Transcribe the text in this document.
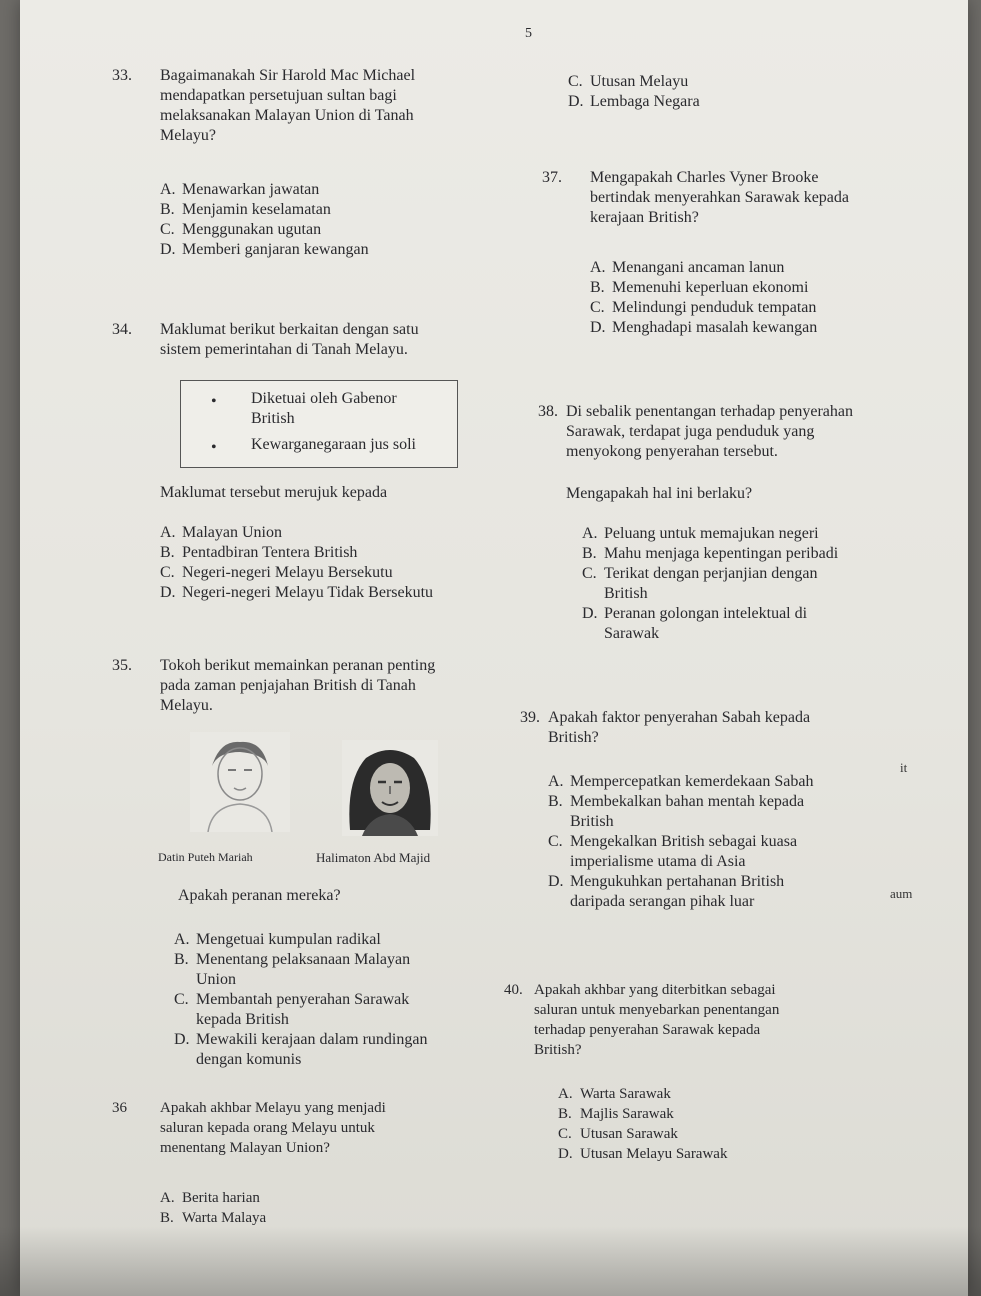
5
33. Bagaimanakah Sir Harold Mac Michael
mendapatkan persetujuan sultan bagi
melaksanakan Malayan Union di Tanah
Melayu?

A. Menawarkan jawatan
B. Menjamin keselamatan
C. Menggunakan ugutan
D. Memberi ganjaran kewangan
34. Maklumat berikut berkaitan dengan satu
sistem pemerintahan di Tanah Melayu.

• Diketuai oleh Gabenor
British
• Kewarganegaraan jus soli

Maklumat tersebut merujuk kepada

A. Malayan Union
B. Pentadbiran Tentera British
C. Negeri-negeri Melayu Bersekutu
D. Negeri-negeri Melayu Tidak Bersekutu
35. Tokoh berikut memainkan peranan penting
pada zaman penjajahan British di Tanah
Melayu.

Datin Puteh Mariah	Halimaton Abd Majid

Apakah peranan mereka?

A. Mengetuai kumpulan radikal
B. Menentang pelaksanaan Malayan
Union
C. Membantah penyerahan Sarawak
kepada British
D. Mewakili kerajaan dalam rundingan
dengan komunis
36 Apakah akhbar Melayu yang menjadi
saluran kepada orang Melayu untuk
menentang Malayan Union?

A. Berita harian
B. Warta Malaya
C. Utusan Melayu
D. Lembaga Negara
37. Mengapakah Charles Vyner Brooke
bertindak menyerahkan Sarawak kepada
kerajaan British?

A. Menangani ancaman lanun
B. Memenuhi keperluan ekonomi
C. Melindungi penduduk tempatan
D. Menghadapi masalah kewangan
38. Di sebalik penentangan terhadap penyerahan
Sarawak, terdapat juga penduduk yang
menyokong penyerahan tersebut.

Mengapakah hal ini berlaku?

A. Peluang untuk memajukan negeri
B. Mahu menjaga kepentingan peribadi
C. Terikat dengan perjanjian dengan
British
D. Peranan golongan intelektual di
Sarawak
39. Apakah faktor penyerahan Sabah kepada
British?

A. Mempercepatkan kemerdekaan Sabah
B. Membekalkan bahan mentah kepada
British
C. Mengekalkan British sebagai kuasa
imperialisme utama di Asia
D. Mengukuhkan pertahanan British
daripada serangan pihak luar
40. Apakah akhbar yang diterbitkan sebagai
saluran untuk menyebarkan penentangan
terhadap penyerahan Sarawak kepada
British?

A. Warta Sarawak
B. Majlis Sarawak
C. Utusan Sarawak
D. Utusan Melayu Sarawak
it
aum
